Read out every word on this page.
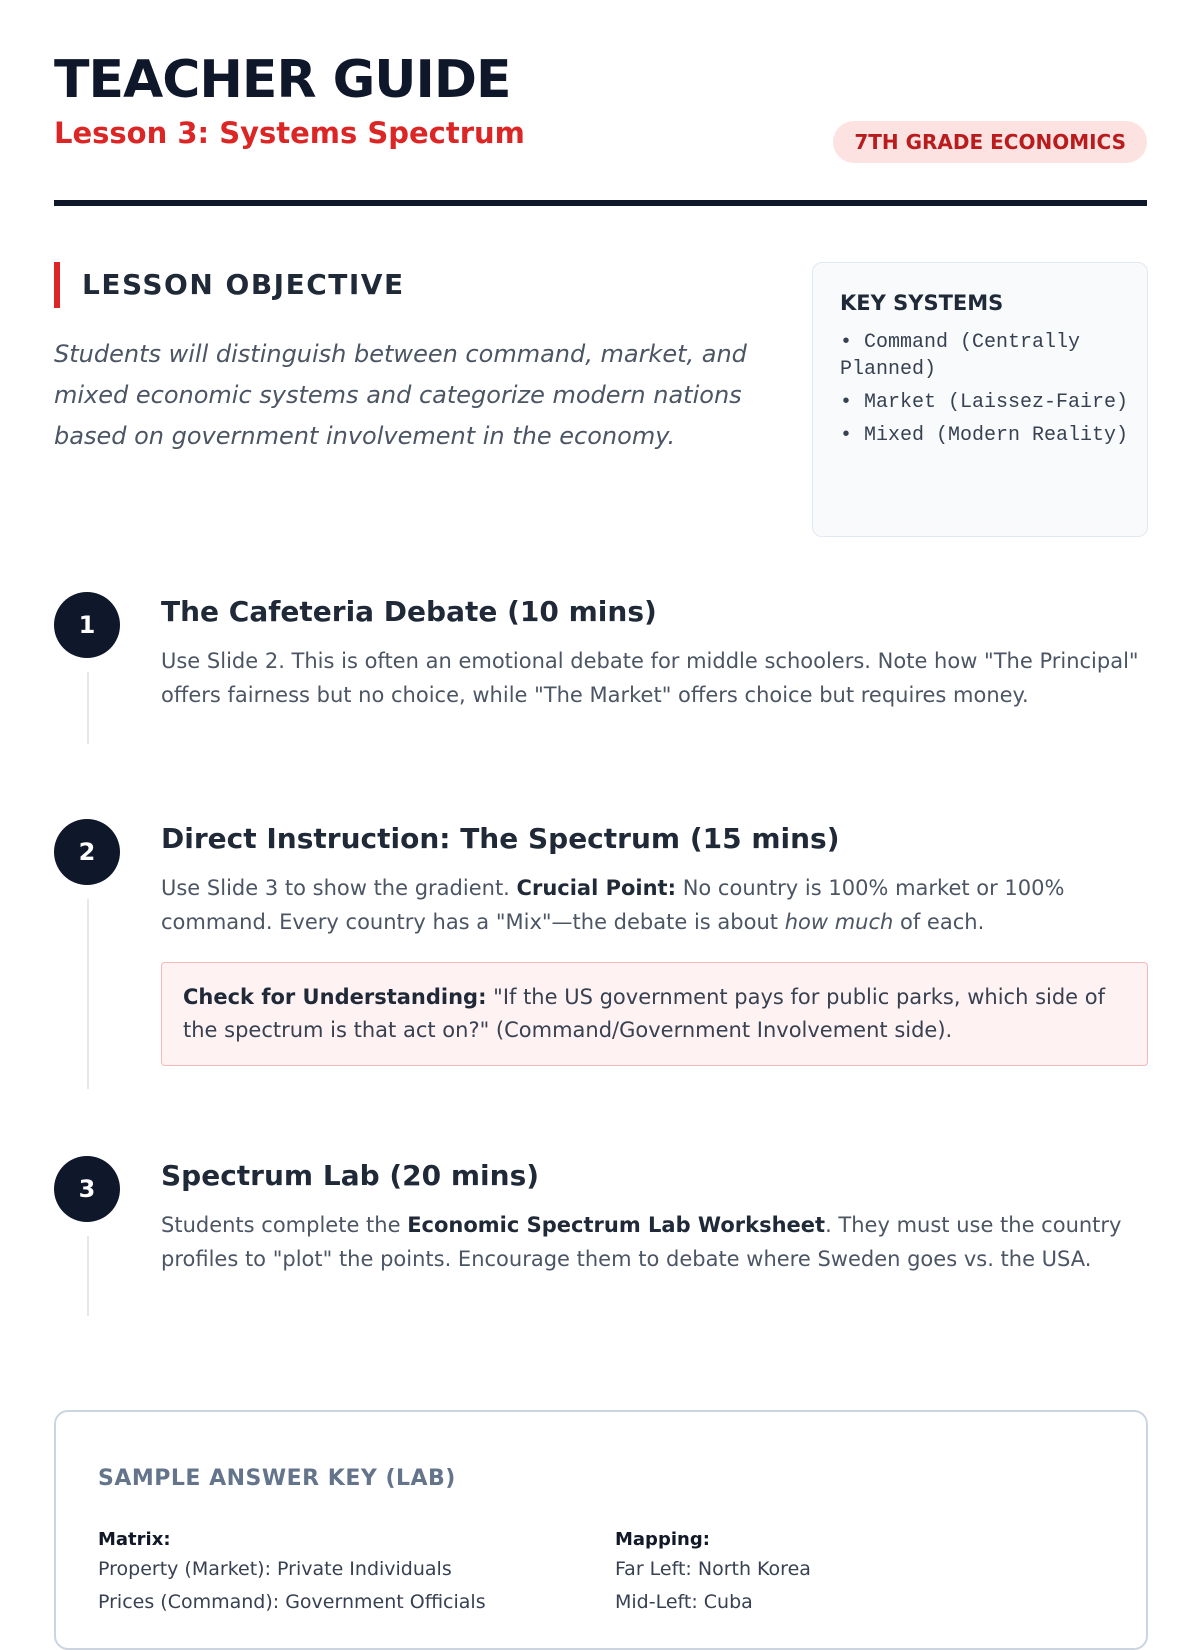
TEACHER GUIDE
Lesson 3: Systems Spectrum	7TH GRADE ECONOMICS
LESSON OBJECTIVE

Students will distinguish between command, market, and mixed economic systems and categorize modern nations based on government involvement in the economy.

KEY SYSTEMS
• Command (Centrally Planned)
• Market (Laissez-Faire)
• Mixed (Modern Reality)
1	The Cafeteria Debate (10 mins)
Use Slide 2. This is often an emotional debate for middle schoolers. Note how "The Principal" offers fairness but no choice, while "The Market" offers choice but requires money.
2	Direct Instruction: The Spectrum (15 mins)
Use Slide 3 to show the gradient. Crucial Point: No country is 100% market or 100% command. Every country has a "Mix"—the debate is about how much of each.
Check for Understanding: "If the US government pays for public parks, which side of the spectrum is that act on?" (Command/Government Involvement side).
3	Spectrum Lab (20 mins)
Students complete the Economic Spectrum Lab Worksheet. They must use the country profiles to "plot" the points. Encourage them to debate where Sweden goes vs. the USA.
SAMPLE ANSWER KEY (LAB)
Matrix:
Property (Market): Private Individuals
Prices (Command): Government Officials
Mapping:
Far Left: North Korea
Mid-Left: Cuba
